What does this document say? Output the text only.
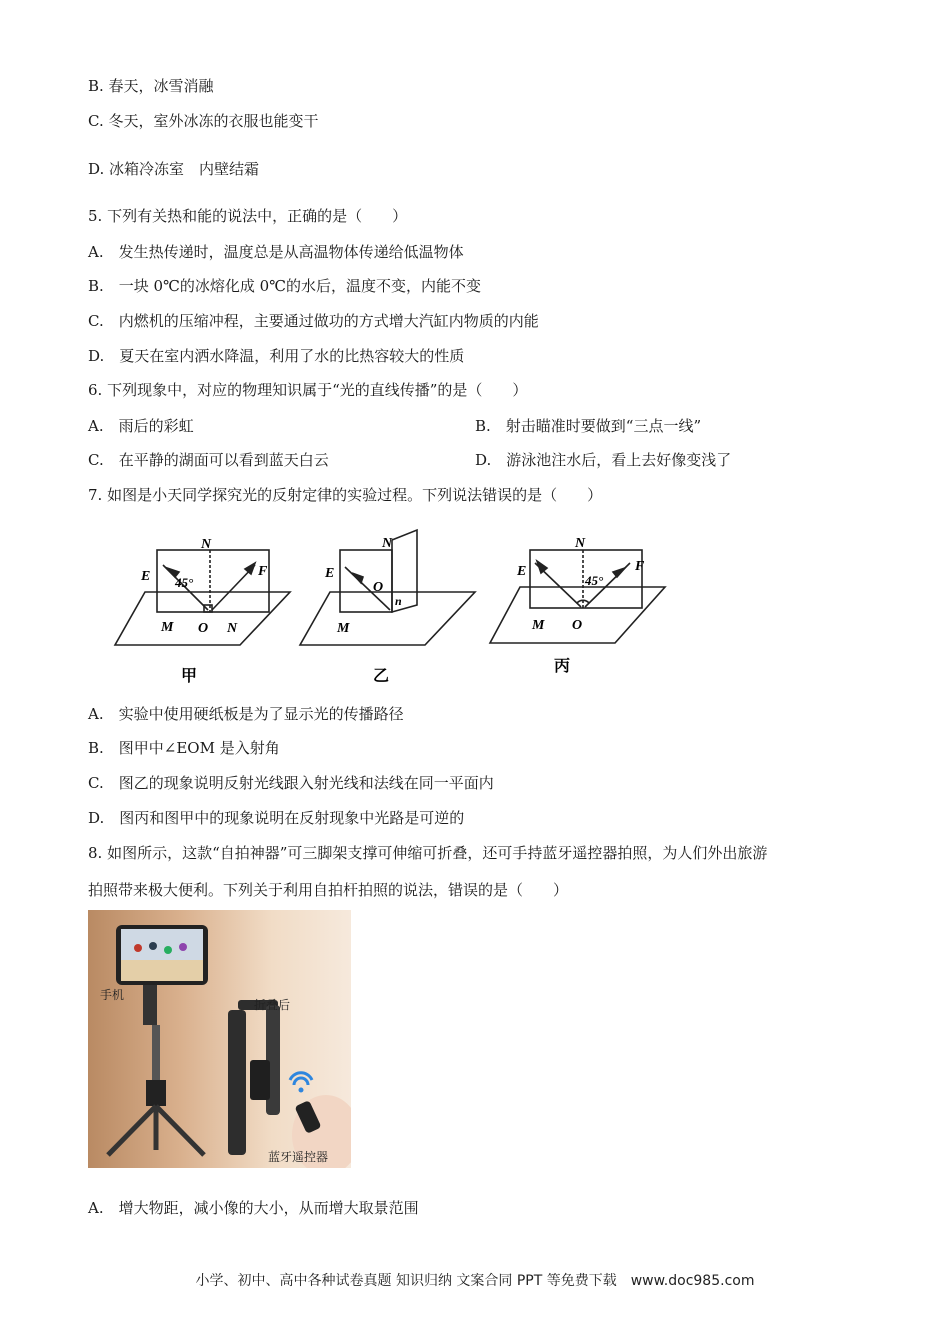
B. 春天，冰雪消融
C. 冬天，室外冰冻的衣服也能变干
D. 冰箱冷冻室　内壁结霜
5. 下列有关热和能的说法中，正确的是（　　）
A.　发生热传递时，温度总是从高温物体传递给低温物体
B.　一块 0℃的冰熔化成 0℃的水后，温度不变，内能不变
C.　内燃机的压缩冲程，主要通过做功的方式增大汽缸内物质的内能
D.　夏天在室内洒水降温，利用了水的比热容较大的性质
6. 下列现象中，对应的物理知识属于“光的直线传播”的是（　　）
A.　雨后的彩虹	B.　射击瞄准时要做到“三点一线”
C.　在平静的湖面可以看到蓝天白云	D.　游泳池注水后，看上去好像变浅了
7. 如图是小天同学探究光的反射定律的实验过程。下列说法错误的是（　　）
E
N
F
M O N
45°
甲
E
N
O
n
M
乙
E
N
F
M O
45°
丙
A.　实验中使用硬纸板是为了显示光的传播路径
B.　图甲中∠EOM 是入射角
C.　图乙的现象说明反射光线跟入射光线和法线在同一平面内
D.　图丙和图甲中的现象说明在反射现象中光路是可逆的
8. 如图所示，这款“自拍神器”可三脚架支撑可伸缩可折叠，还可手持蓝牙遥控器拍照，为人们外出旅游
拍照带来极大便利。下列关于利用自拍杆拍照的说法，错误的是（　　）
手机
折叠后
蓝牙遥控器
A.　增大物距，减小像的大小，从而增大取景范围
小学、初中、高中各种试卷真题 知识归纳 文案合同 PPT 等免费下载　www.doc985.com
